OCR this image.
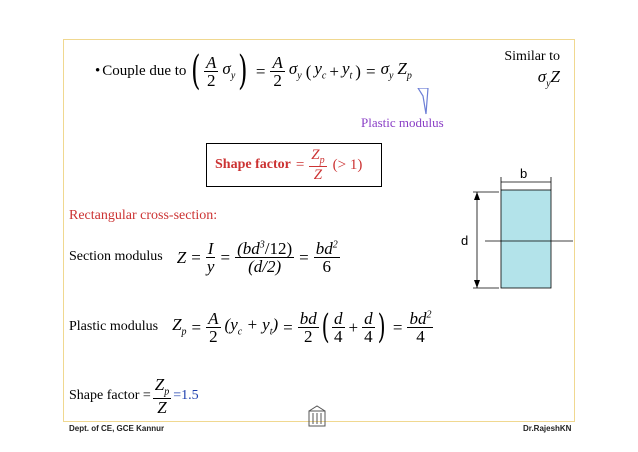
• Couple due to ( $\frac{A}{2} \sigma_y$ ) = $\frac{A}{2} \sigma_y$ ( $y_c + y_t$ ) = $\sigma_y$ $Z_p$
Similar to
$\sigma_yZ$
Plastic modulus
Shape factor = $\frac{Z_p}{Z}$ (> 1)
Rectangular cross-section:
Section modulus $Z = \frac{I}{y} = \frac{(bd^3/12)}{(d/2)} = \frac{bd^2}{6}$
Plastic modulus $Z_p = \frac{A}{2} (y_c + y_t) = \frac{bd}{2}$ ( $\frac{d}{4} + \frac{d}{4}$ ) = $\frac{bd^2}{4}$
Shape factor = $\frac{Z_p}{Z} =1.5$
b
d
Dept. of CE, GCE Kannur	Dr.RajeshKN
